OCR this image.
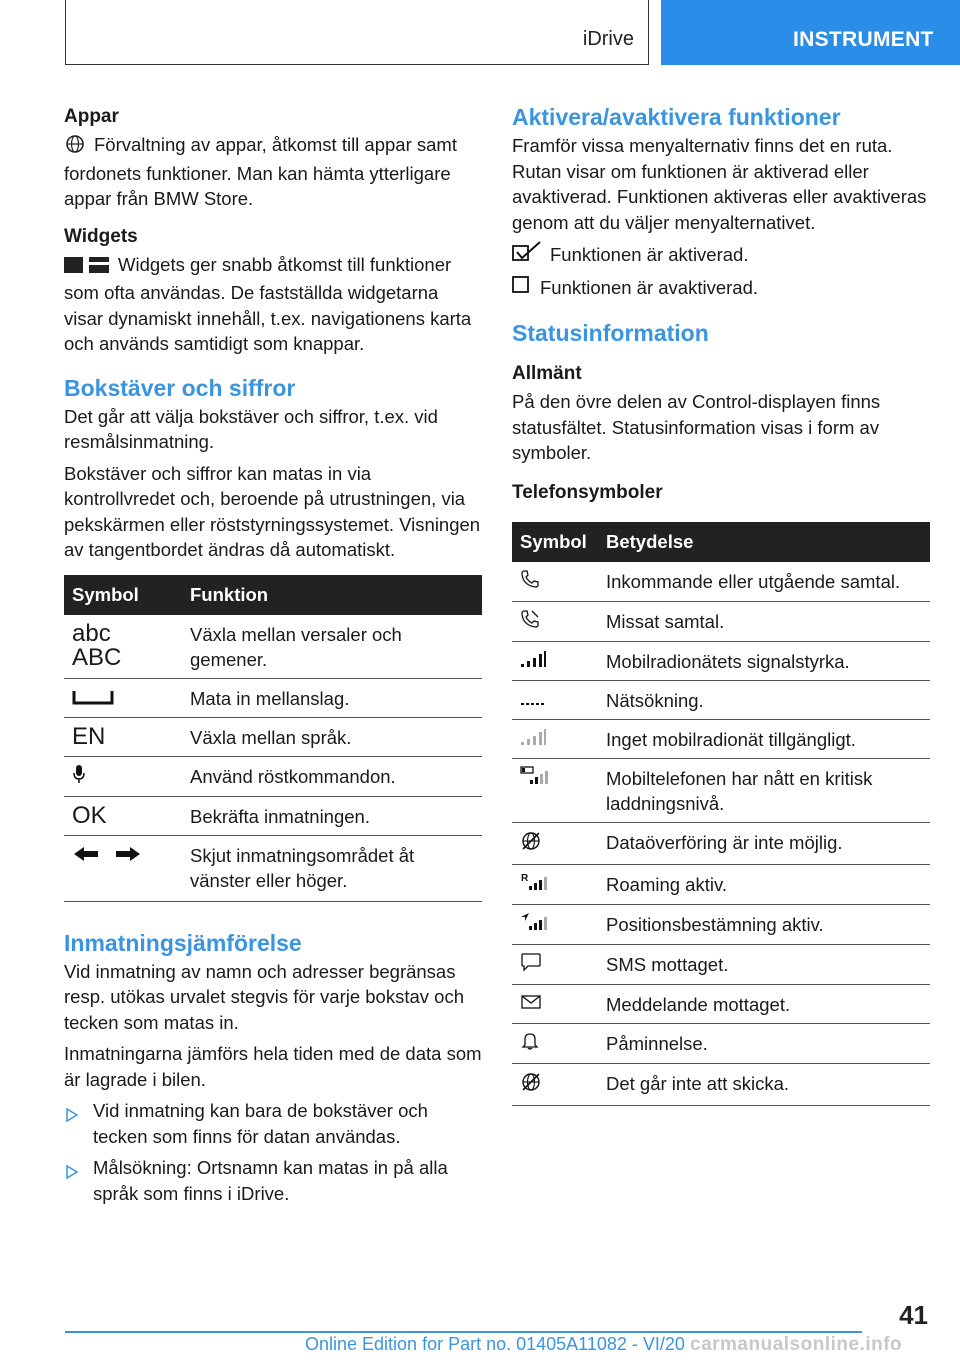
iDrive	INSTRUMENT
Appar

Förvaltning av appar, åtkomst till appar samt fordonets funktioner. Man kan hämta ytterligare appar från BMW Store.

Widgets

Widgets ger snabb åtkomst till funktioner som ofta användas. De fastställda widgetarna visar dynamiskt innehåll, t.ex. navigationens karta och används samtidigt som knappar.

Bokstäver och siffror

Det går att välja bokstäver och siffror, t.ex. vid resmålsinmatning.

Bokstäver och siffror kan matas in via kontrollvredet och, beroende på utrustningen, via pekskärmen eller röststyrningssystemet. Visningen av tangentbordet ändras då automatiskt.

Symbol	Funktion

abc
ABC	Växla mellan versaler och gemener.
	Mata in mellanslag.
EN	Växla mellan språk.
	Använd röstkommandon.
OK	Bekräfta inmatningen.
	Skjut inmatningsområdet åt vänster eller höger.
Inmatningsjämförelse

Vid inmatning av namn och adresser begränsas resp. utökas urvalet stegvis för varje bokstav och tecken som matas in.

Inmatningarna jämförs hela tiden med de data som är lagrade i bilen.

Vid inmatning kan bara de bokstäver och tecken som finns för datan användas.
Målsökning: Ortsnamn kan matas in på alla språk som finns i iDrive.
Aktivera/avaktivera funktioner

Framför vissa menyalternativ finns det en ruta. Rutan visar om funktionen är aktiverad eller avaktiverad. Funktionen aktiveras eller avaktiveras genom att du väljer menyalternativet.

Funktionen är aktiverad.
Funktionen är avaktiverad.
Statusinformation
Allmänt

På den övre delen av Control-displayen finns statusfältet. Statusinformation visas i form av symboler.

Telefonsymboler
Symbol	Betydelse
	Inkommande eller utgående samtal.
	Missat samtal.
	Mobilradionätets signalstyrka.
	Nätsökning.
	Inget mobilradionät tillgängligt.
	Mobiltelefonen har nått en kritisk laddningsnivå.
	Dataöverföring är inte möjlig.

R	Roaming aktiv.
	Positionsbestämning aktiv.
	SMS mottaget.
	Meddelande mottaget.
	Påminnelse.
	Det går inte att skicka.
41
Online Edition for Part no. 01405A11082 - VI/20 carmanualsonline.info
